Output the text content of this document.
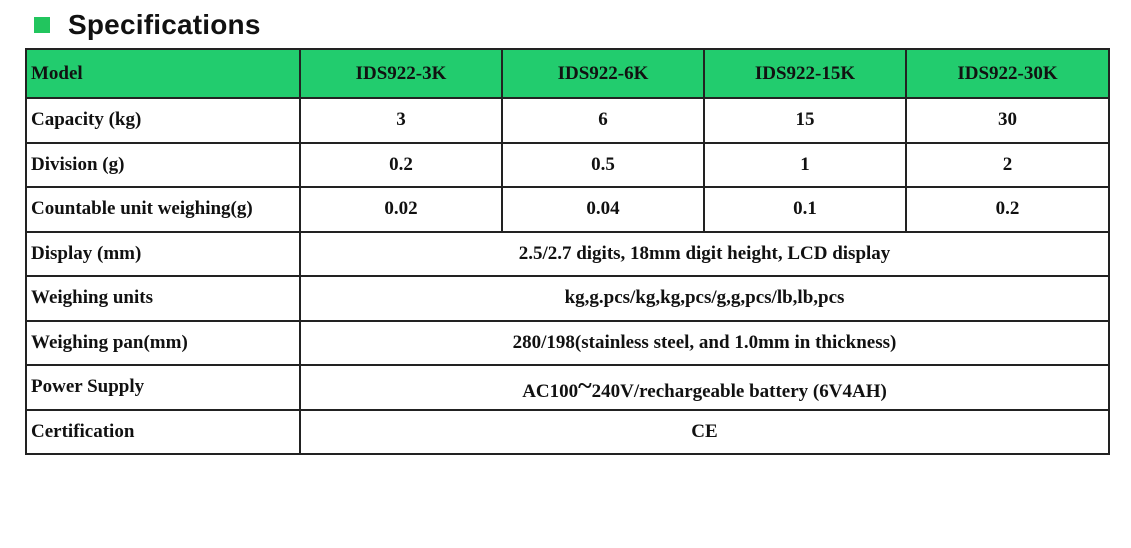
Specifications
Model	IDS922-3K	IDS922-6K	IDS922-15K	IDS922-30K
Capacity (kg)	3	6	15	30
Division (g)	0.2	0.5	1	2
Countable unit weighing(g)	0.02	0.04	0.1	0.2
Display (mm)	2.5/2.7 digits, 18mm digit height, LCD display			
Weighing units	kg,g.pcs/kg,kg,pcs/g,g,pcs/lb,lb,pcs			
Weighing pan(mm)	280/198(stainless steel, and 1.0mm in thickness)			
Power Supply	AC100~240V/rechargeable battery (6V4AH)			
Certification	CE			
